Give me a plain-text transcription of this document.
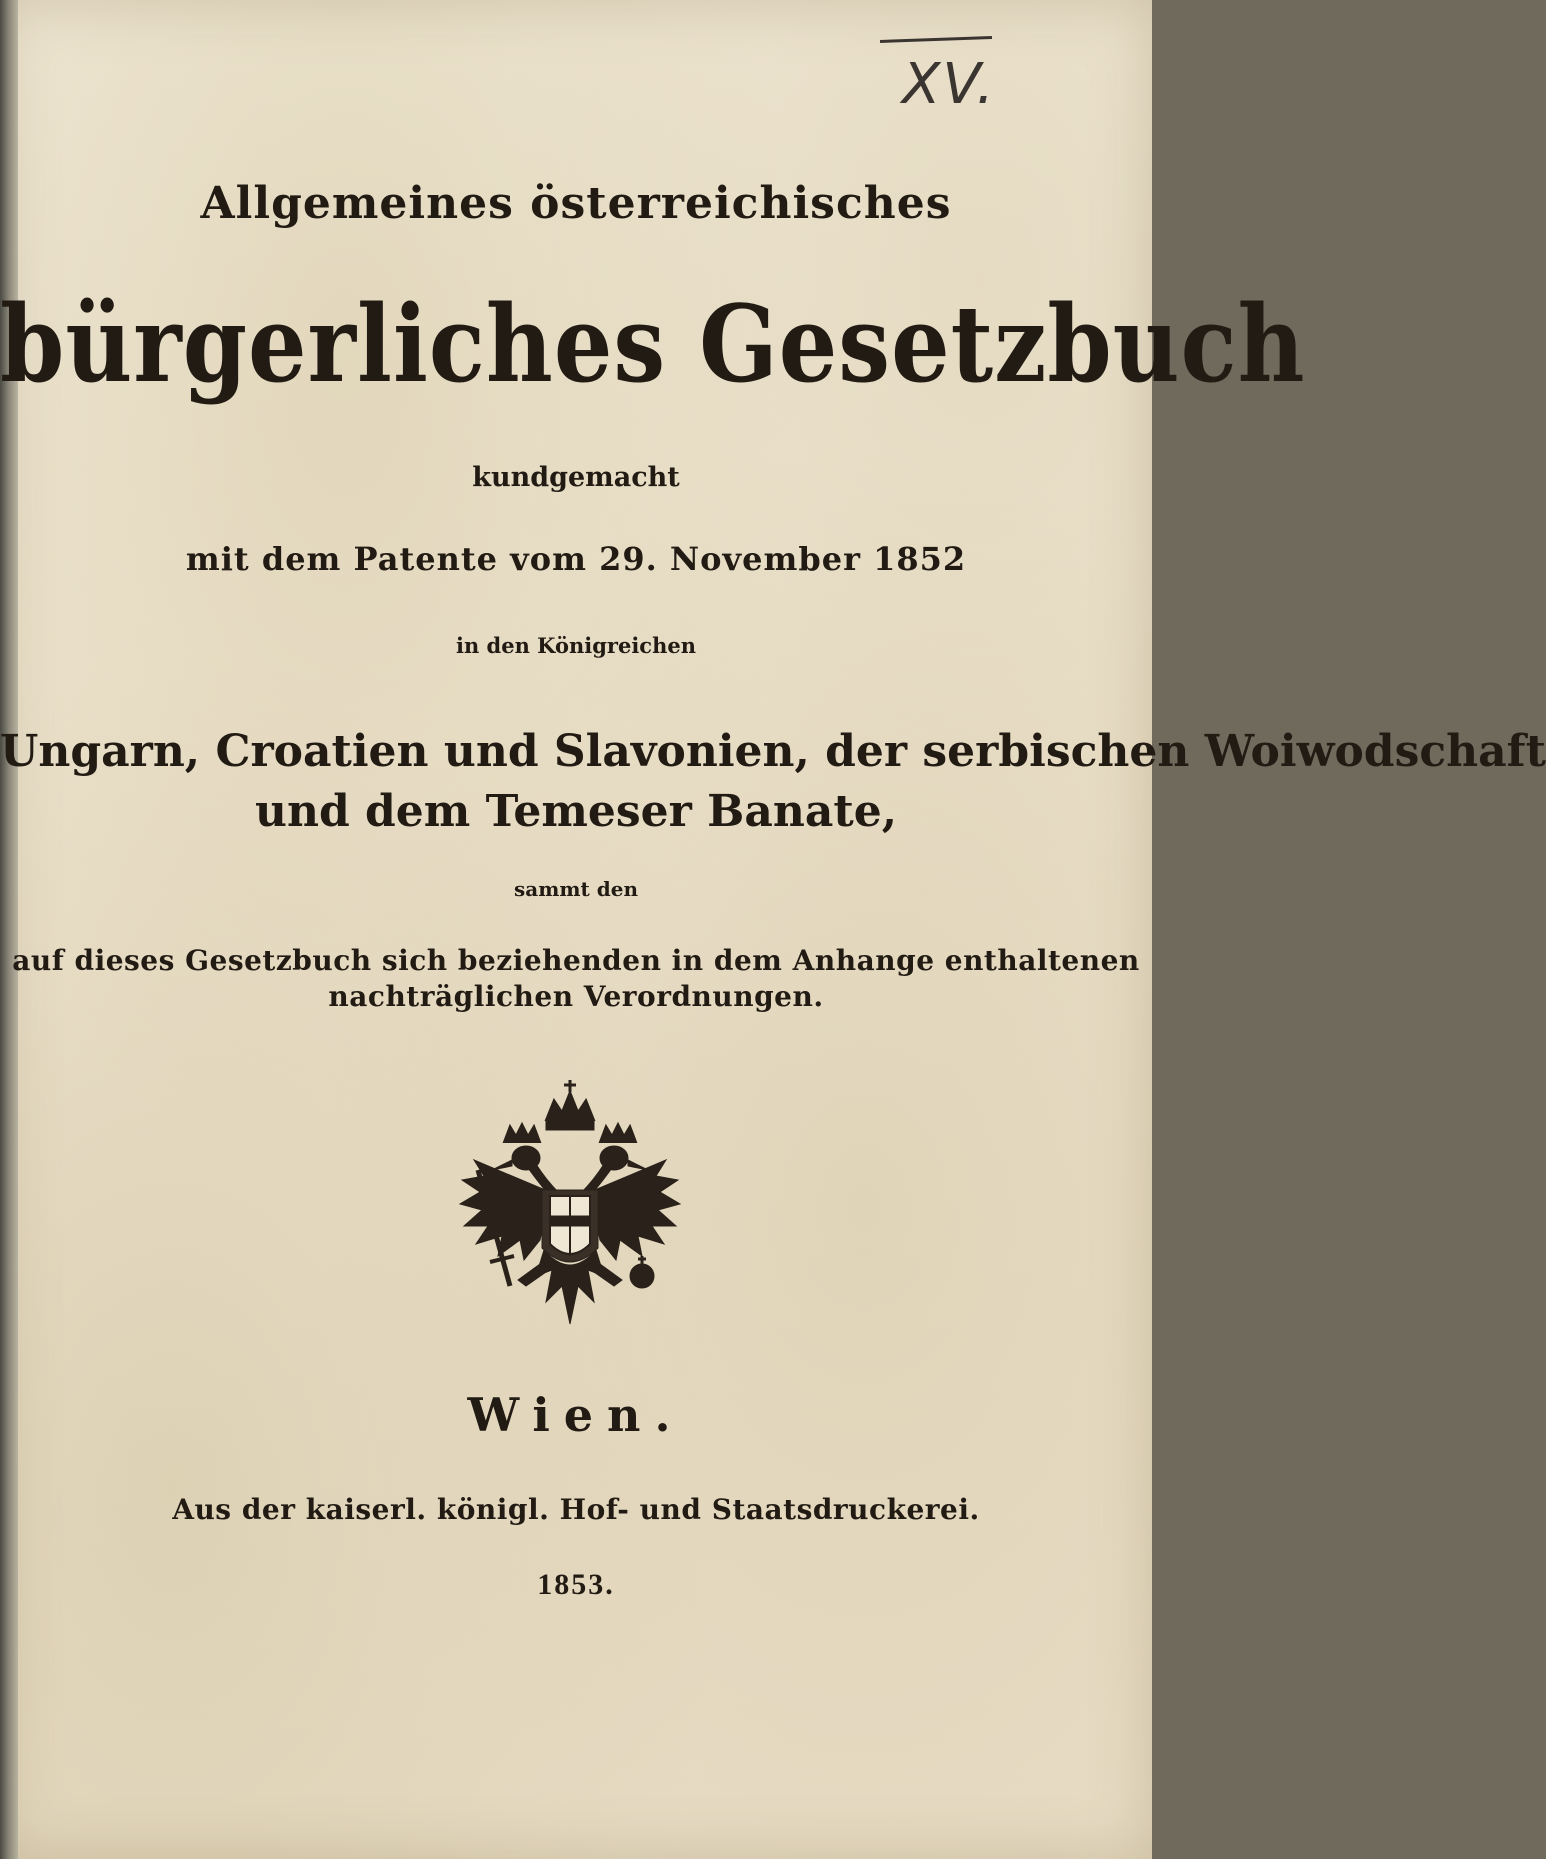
XV.
Allgemeines österreichisches
bürgerliches Gesetzbuch
kundgemacht
mit dem Patente vom 29. November 1852
in den Königreichen
Ungarn, Croatien und Slavonien, der serbischen Woiwodschaft
und dem Temeser Banate,
sammt den
auf dieses Gesetzbuch sich beziehenden in dem Anhange enthaltenen
nachträglichen Verordnungen.
Wien.
Aus der kaiserl. königl. Hof- und Staatsdruckerei.
1853.
